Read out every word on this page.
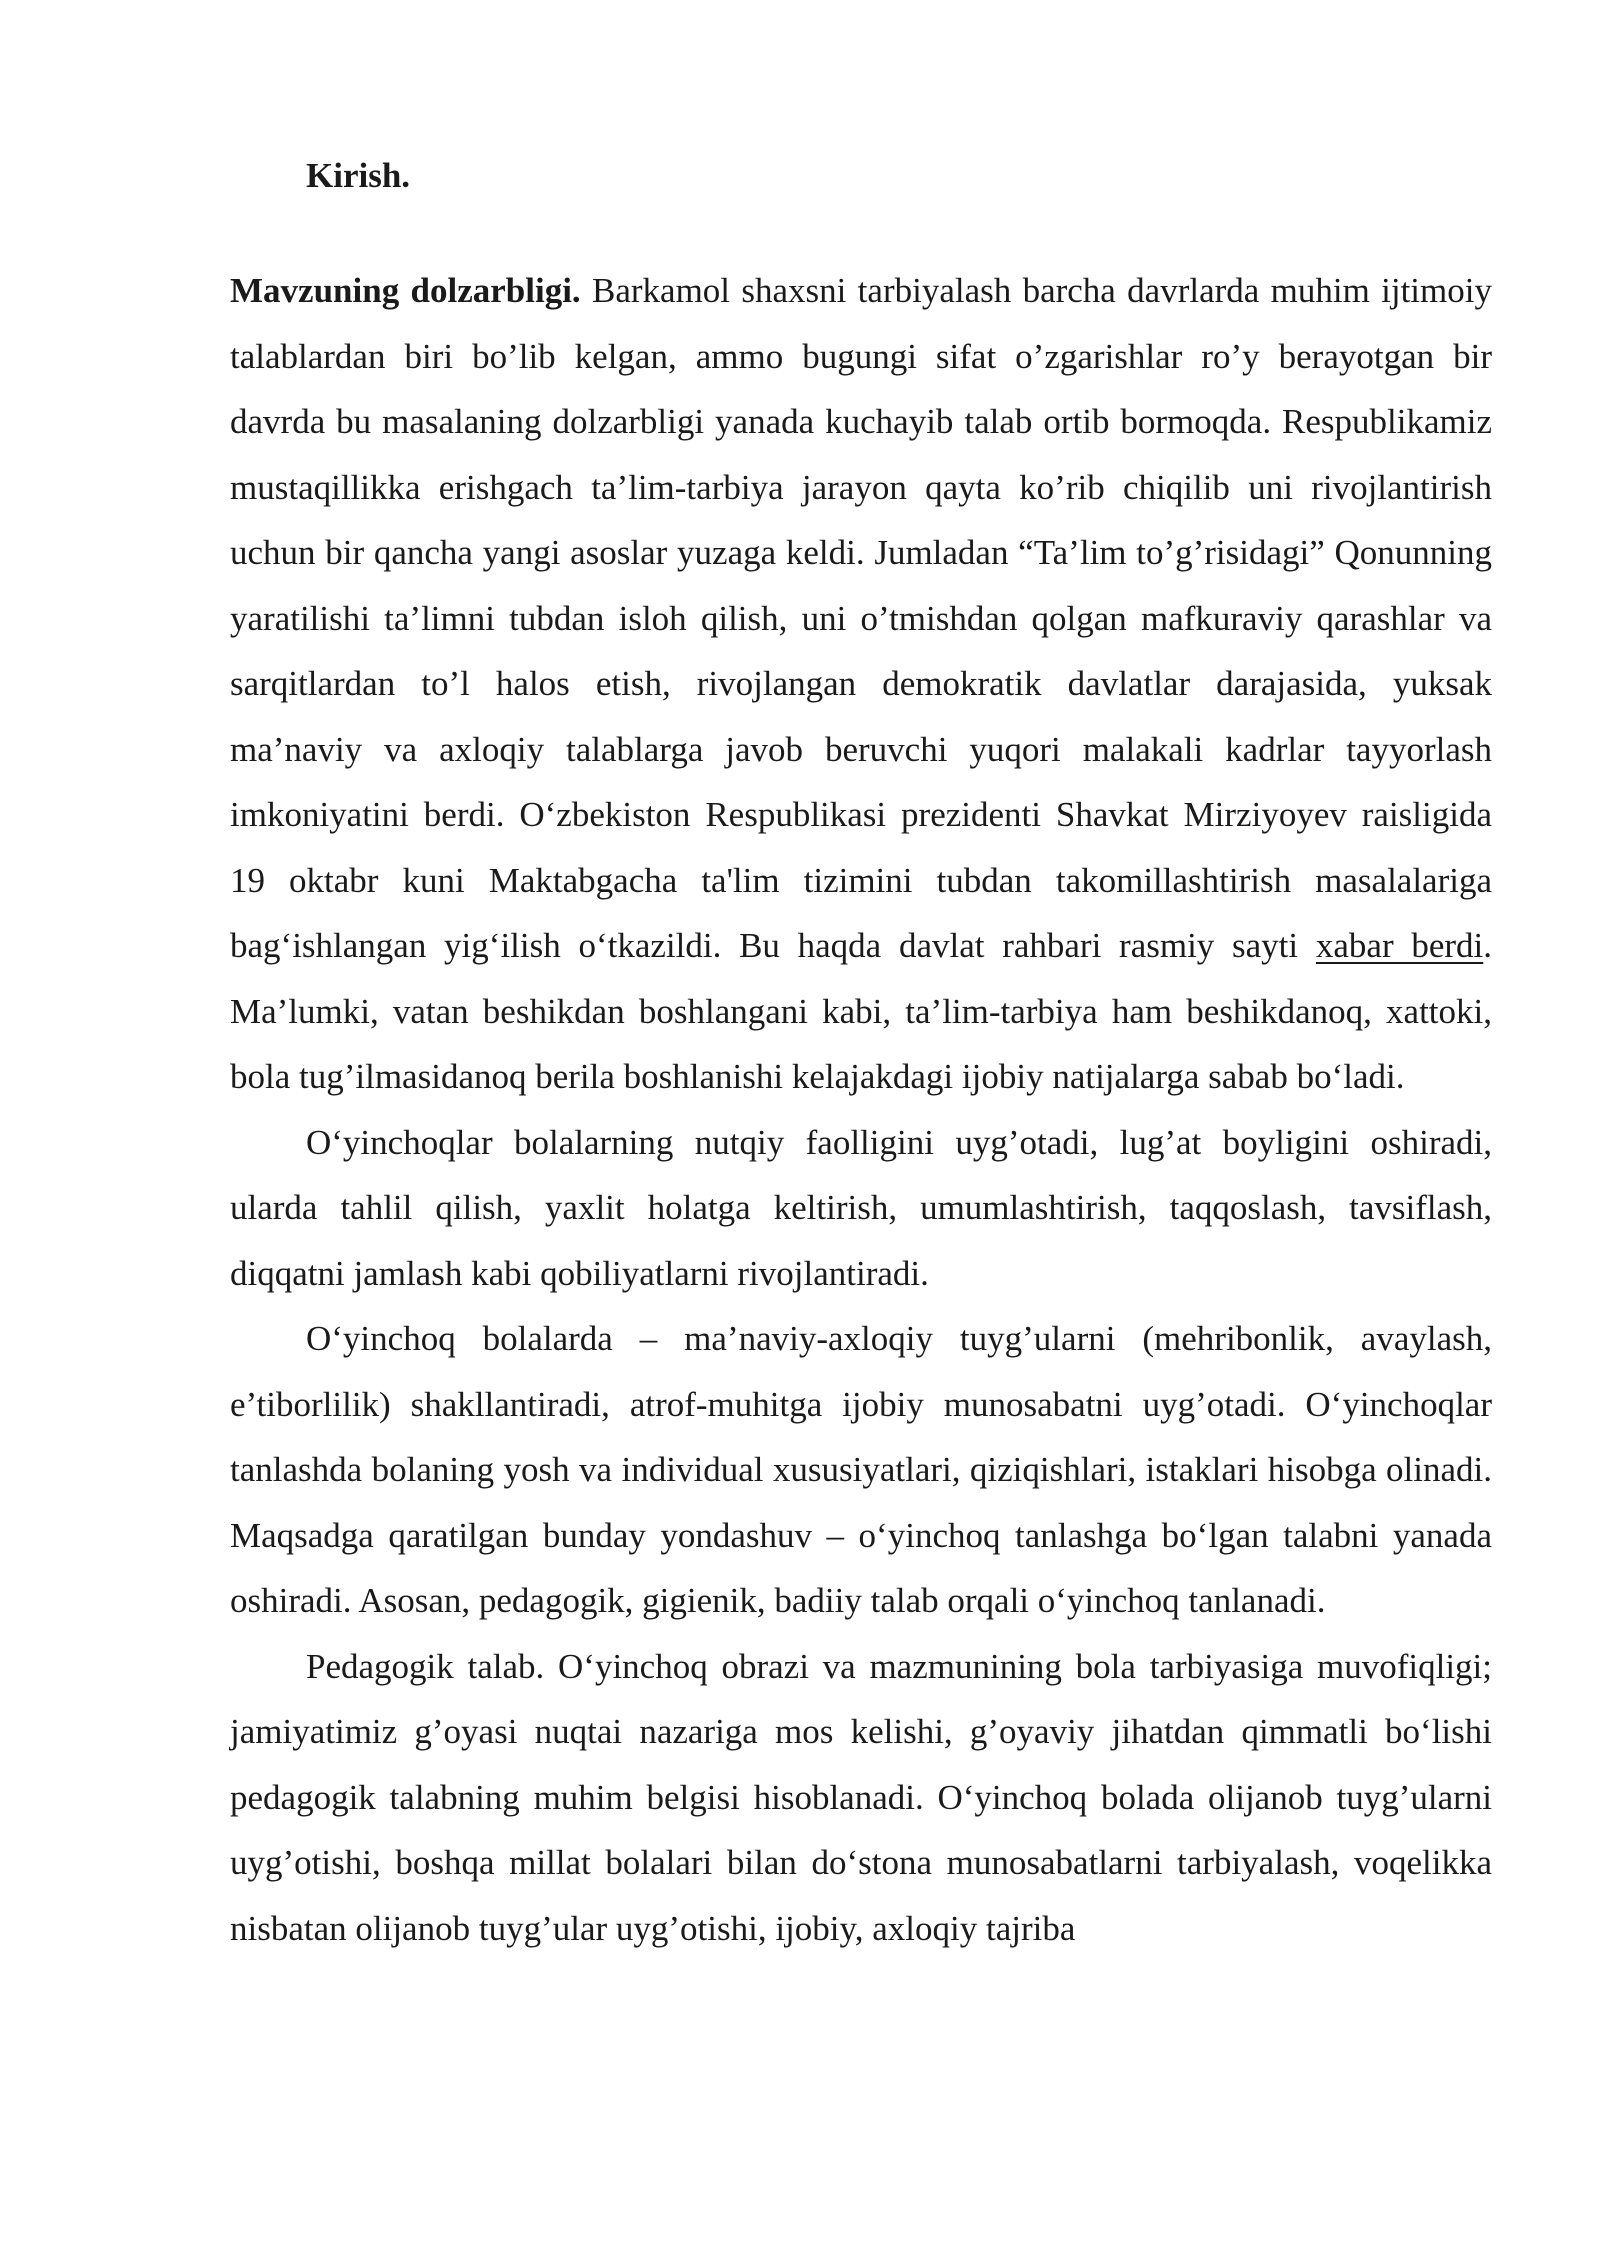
Kirish.

Mavzuning dolzarbligi. Barkamol shaxsni tarbiyalash barcha davrlarda muhim ijtimoiy talablardan biri bo’lib kelgan, ammo bugungi sifat o’zgarishlar ro’y berayotgan bir davrda bu masalaning dolzarbligi yanada kuchayib talab ortib bormoqda. Respublikamiz mustaqillikka erishgach ta’lim-tarbiya jarayon qayta ko’rib chiqilib uni rivojlantirish uchun bir qancha yangi asoslar yuzaga keldi. Jumladan “Ta’lim to’g’risidagi” Qonunning yaratilishi ta’limni tubdan isloh qilish, uni o’tmishdan qolgan mafkuraviy qarashlar va sarqitlardan to’l halos etish, rivojlangan demokratik davlatlar darajasida, yuksak ma’naviy va axloqiy talablarga javob beruvchi yuqori malakali kadrlar tayyorlash imkoniyatini berdi. O‘zbekiston Respublikasi prezidenti Shavkat Mirziyoyev raisligida 19 oktabr kuni Maktabgacha ta'lim tizimini tubdan takomillashtirish masalalariga bag‘ishlangan yig‘ilish o‘tkazildi. Bu haqda davlat rahbari rasmiy sayti xabar berdi. Ma’lumki, vatan beshikdan boshlangani kabi, ta’lim-tarbiya ham beshikdanoq, xattoki, bola tug’ilmasidanoq berila boshlanishi kelajakdagi ijobiy natijalarga sabab bo‘ladi.

O‘yinchoqlar bolalarning nutqiy faolligini uyg’otadi, lug’at boyligini oshiradi, ularda tahlil qilish, yaxlit holatga keltirish, umumlashtirish, taqqoslash, tavsiflash, diqqatni jamlash kabi qobiliyatlarni rivojlantiradi.

O‘yinchoq bolalarda – ma’naviy-axloqiy tuyg’ularni (mehribonlik, avaylash, e’tiborlilik) shakllantiradi, atrof-muhitga ijobiy munosabatni uyg’otadi. O‘yinchoqlar tanlashda bolaning yosh va individual xususiyatlari, qiziqishlari, istaklari hisobga olinadi. Maqsadga qaratilgan bunday yondashuv – o‘yinchoq tanlashga bo‘lgan talabni yanada oshiradi. Asosan, pedagogik, gigienik, badiiy talab orqali o‘yinchoq tanlanadi.

Pedagogik talab. O‘yinchoq obrazi va mazmunining bola tarbiyasiga muvofiqligi; jamiyatimiz g’oyasi nuqtai nazariga mos kelishi, g’oyaviy jihatdan qimmatli bo‘lishi pedagogik talabning muhim belgisi hisoblanadi. O‘yinchoq bolada olijanob tuyg’ularni uyg’otishi, boshqa millat bolalari bilan do‘stona munosabatlarni tarbiyalash, voqelikka nisbatan olijanob tuyg’ular uyg’otishi, ijobiy, axloqiy tajriba
